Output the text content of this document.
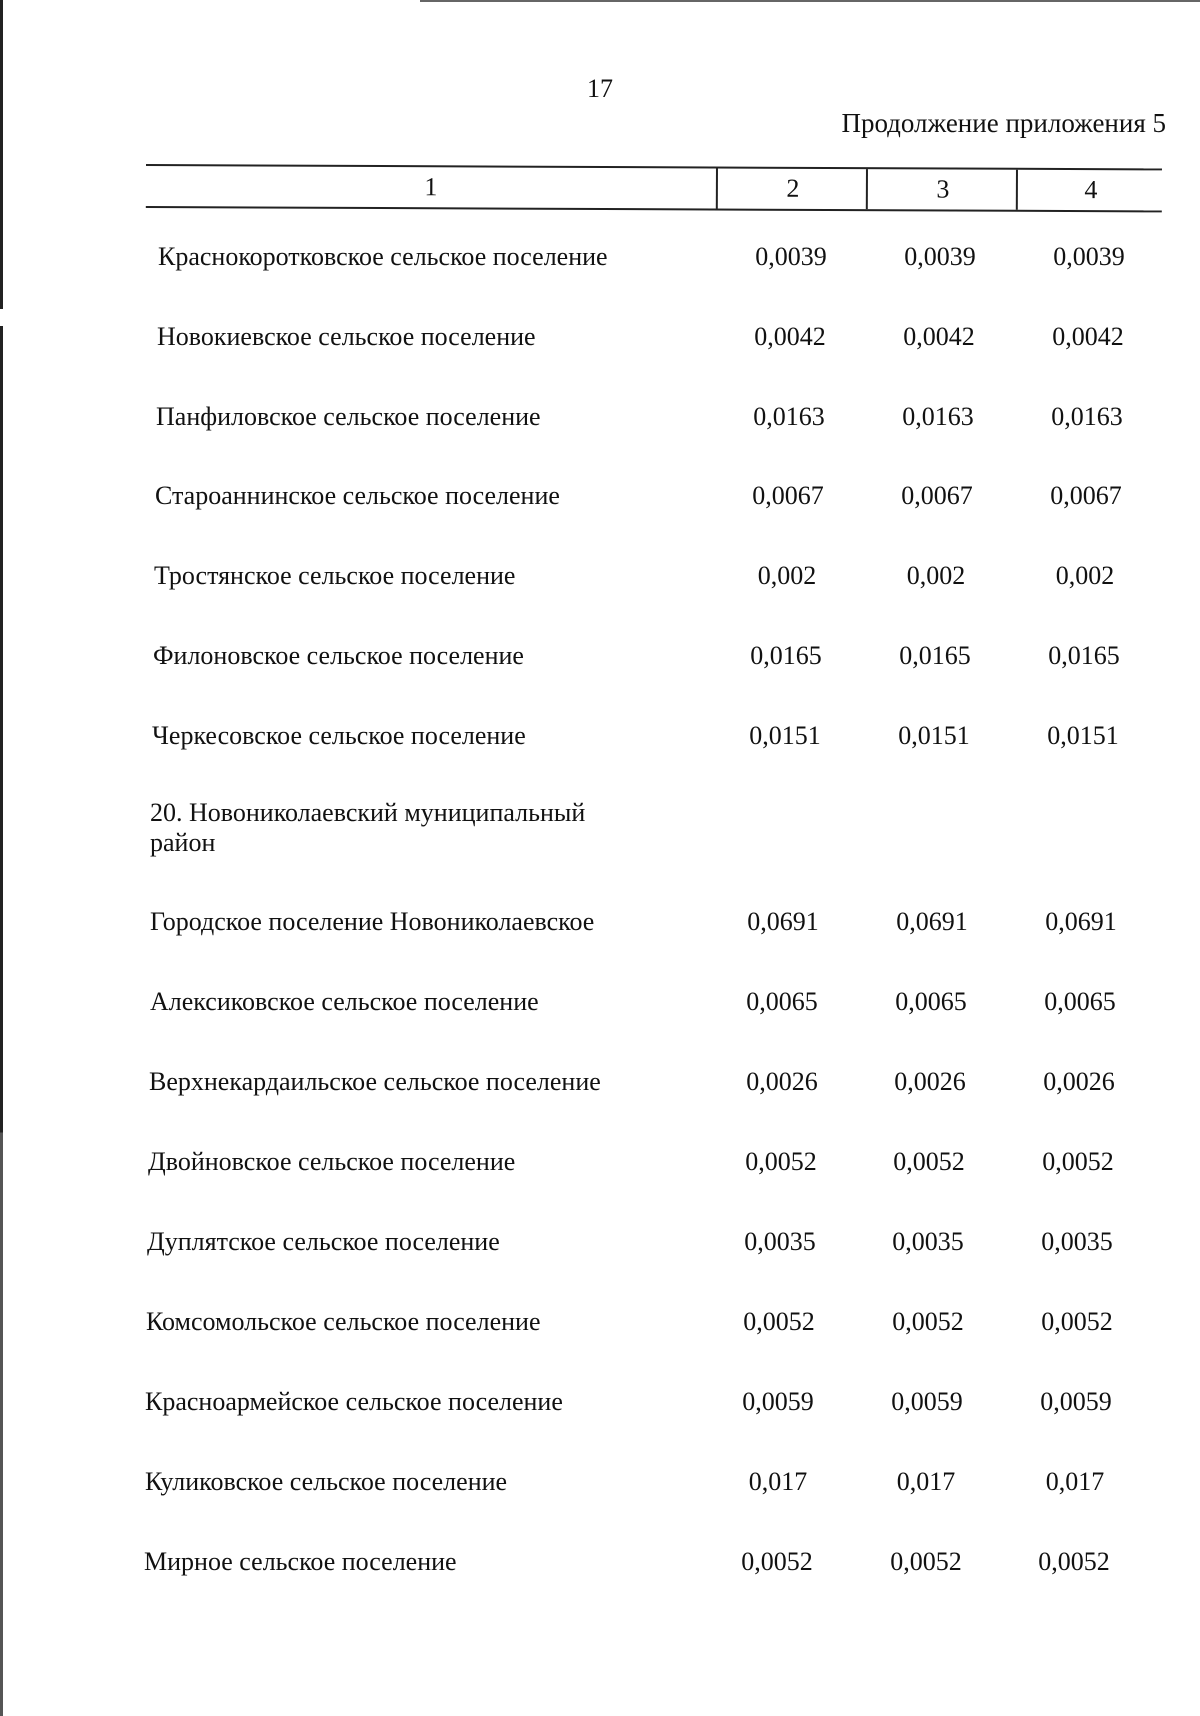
17
Продолжение приложения 5
1	2	3	4
Краснокоротковское сельское поселение	0,0039	0,0039	0,0039
Новокиевское сельское поселение	0,0042	0,0042	0,0042
Панфиловское сельское поселение	0,0163	0,0163	0,0163
Староаннинское сельское поселение	0,0067	0,0067	0,0067
Тростянское сельское поселение	0,002	0,002	0,002
Филоновское сельское поселение	0,0165	0,0165	0,0165
Черкесовское сельское поселение	0,0151	0,0151	0,0151
20. Новониколаевский муниципальный
район
Городское поселение Новониколаевское	0,0691	0,0691	0,0691
Алексиковское сельское поселение	0,0065	0,0065	0,0065
Верхнекардаильское сельское поселение	0,0026	0,0026	0,0026
Двойновское сельское поселение	0,0052	0,0052	0,0052
Дуплятское сельское поселение	0,0035	0,0035	0,0035
Комсомольское сельское поселение	0,0052	0,0052	0,0052
Красноармейское сельское поселение	0,0059	0,0059	0,0059
Куликовское сельское поселение	0,017	0,017	0,017
Мирное сельское поселение	0,0052	0,0052	0,0052
